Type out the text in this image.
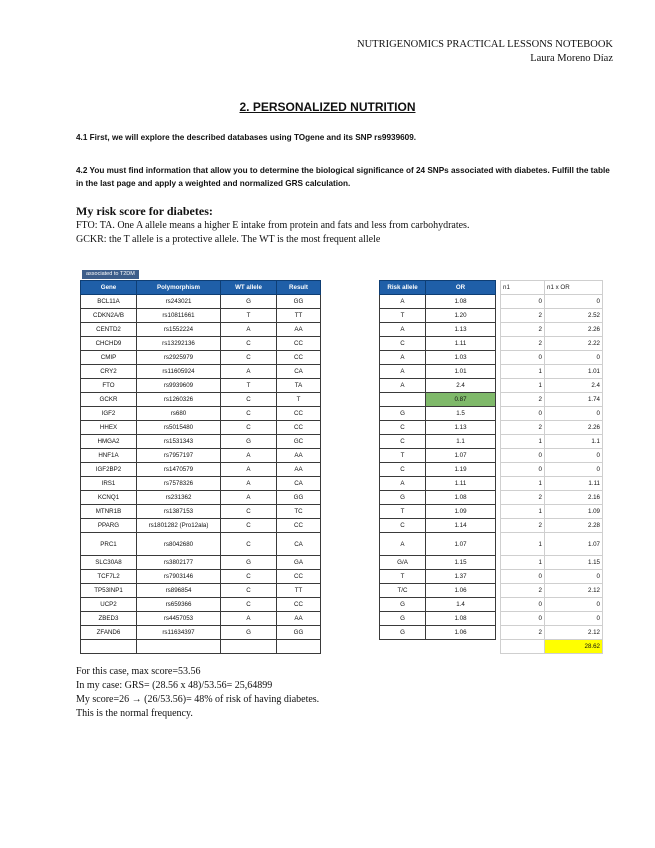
NUTRIGENOMICS PRACTICAL LESSONS NOTEBOOK
Laura Moreno Díaz
2. PERSONALIZED NUTRITION
4.1 First, we will explore the described databases using TOgene and its SNP rs9939609.
4.2 You must find information that allow you to determine the biological significance of 24 SNPs associated with diabetes. Fulfill the table in the last page and apply a weighted and normalized GRS calculation.
My risk score for diabetes:
FTO: TA. One A allele means a higher E intake from protein and fats and less from carbohydrates.
GCKR: the T allele is a protective allele. The WT is the most frequent allele
associated to T2DM
Gene	Polymorphism	WT allele	Result
BCL11A	rs243021	G	GG
CDKN2A/B	rs10811661	T	TT
CENTD2	rs1552224	A	AA
CHCHD9	rs13292136	C	CC
CMIP	rs2925979	C	CC
CRY2	rs11605924	A	CA
FTO	rs9939609	T	TA
GCKR	rs1260326	C	T
IGF2	rs680	C	CC
HHEX	rs5015480	C	CC
HMGA2	rs1531343	G	GC
HNF1A	rs7957197	A	AA
IGF2BP2	rs1470579	A	AA
IRS1	rs7578326	A	CA
KCNQ1	rs231362	A	GG
MTNR1B	rs1387153	C	TC
PPARG	rs1801282 (Pro12ala)	C	CC
PRC1	rs8042680	C	CA
SLC30A8	rs3802177	G	GA
TCF7L2	rs7903146	C	CC
TP53INP1	rs896854	C	TT
UCP2	rs659366	C	CC
ZBED3	rs4457053	A	AA
ZFAND6	rs11634397	G	GG

Risk allele	OR
A	1.08
T	1.20
A	1.13
C	1.11
A	1.03
A	1.01
A	2.4
	0.87
G	1.5
C	1.13
C	1.1
T	1.07
C	1.19
A	1.11
G	1.08
T	1.09
C	1.14
A	1.07
G/A	1.15
T	1.37
T/C	1.06
G	1.4
G	1.08
G	1.06
n1	n1 x OR
0	0
2	2.52
2	2.26
2	2.22
0	0
1	1.01
1	2.4
2	1.74
0	0
2	2.26
1	1.1
0	0
0	0
1	1.11
2	2.16
1	1.09
2	2.28
1	1.07
1	1.15
0	0
2	2.12
0	0
0	0
2	2.12
	28.62
For this case, max score=53.56
In my case: GRS= (28.56 x 48)/53.56= 25,64899
My score=26 → (26/53.56)= 48% of risk of having diabetes.
This is the normal frequency.
